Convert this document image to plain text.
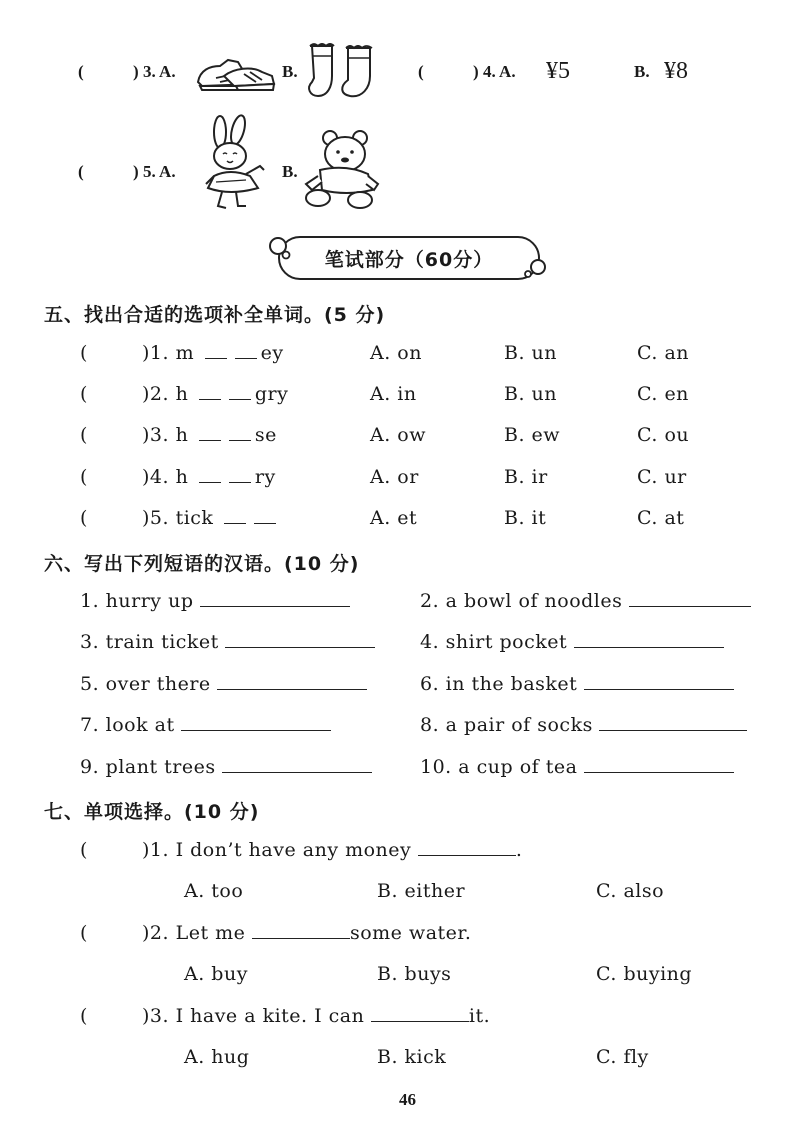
(	) 3. A.	B.	(	) 4. A. ¥5	B. ¥8
(	) 5. A.	B.
笔试部分（60分）
五、找出合适的选项补全单词。(5 分)
(	)1. m	ey	A. on	B. un	C. an
(	)2. h	gry	A. in	B. un	C. en
(	)3. h	se	A. ow	B. ew	C. ou
(	)4. h	ry	A. or	B. ir	C. ur
(	)5. tick	A. et	B. it	C. at
六、写出下列短语的汉语。(10 分)
1. hurry up	2. a bowl of noodles
3. train ticket	4. shirt pocket
5. over there	6. in the basket
7. look at	8. a pair of socks
9. plant trees	10. a cup of tea
七、单项选择。(10 分)
(	)1. I don’t have any money	.
A. too	B. either	C. also
(	)2. Let me	some water.
A. buy	B. buys	C. buying
(	)3. I have a kite. I can	it.
A. hug	B. kick	C. fly
46
